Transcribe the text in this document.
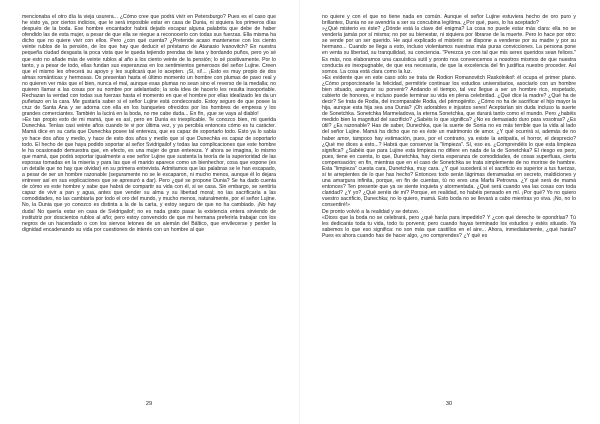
mencionaba el otro día la vieja usurera... ¿Cómo cree que podrá vivir en Petersburgo? Pues es el caso que he visto ya, por ciertos indicios, que le será imposible estar en casa de Dunia, ni siquiera los primeros días después de la boda. Ese hombre encantador habrá dejado escapar alguna palabrita que debe de haber ofendido las de esta mujer, a pesar de que ella se niegue a reconocerlo con todas sus fuerzas. Ella misma ha dicho que no quiere vivir con ellos. Pero ¿con qué cuenta? ¿Pretende acaso mantenerse con los ciento veinte rublos de la pensión, de los que hay que deducir el préstamo de Atanasio Ivanovitch? En nuestra pequeña ciudad desgasta la poca vista que le queda tejiendo prendas de lana y bordando puños, pero yo sé que esto no añade más de veinte rublos al año a los ciento veinte de la pensión; lo sé positivamente. Por lo tanto, y a pesar de todo, ellas fundan sus esperanzas en los sentimientos generosos del señor Lujine. Creen que el mismo les ofrecerá su apoyo y les suplicará que lo acepten. ¡Sí, sí!... ¡Esto es muy propio de dos almas románticas y hermosas. Os presentan hasta el último momento un hombre con plumas de pavo real y no quieren ver más que el bien, nunca el mal, aunque esas plumas no sean sino el reverso de la medalla; no quieren llamar a las cosas por su nombre por adelantado; la sola idea de hacerlo les resulta insoportable. Rechazan la verdad con todas sus fuerzas hasta el momento en que el hombre por ellas idealizado les da un puñetazo en la cara. Me gustaría saber si el señor Lujine está condecorado. Estoy seguro de que posee la cruz de Santa Ana y se adorna con ella en los banquetes ofrecidos por los hombres de empresa y los grandes comerciantes. También la lucirá en la boda, no me cabe duda... En fin, ¡que se vaya al diablo!

»Es tan propio esto de mi mamá, que es así, pero en Dunia es inexplicable. Te conozco bien, mi querida Dunechka. Tenías casi veinte años cuando te vi por última vez, y ya percibía entonces cómo es tu carácter. Mamá dice en su carta que Dunechka posee tal entereza, que es capaz de soportarlo todo. Esto ya lo sabía yo hace dos años y medio, y hace de esto dos años y medio que sí que Dunechka es capaz de soportarlo todo. El hecho de que haya podido soportar al señor Svidrigailof y todas las complicaciones que este hombre le ha ocasionado demuestra que, en efecto, es una mujer de gran entereza. Y ahora se imagina, lo mismo que mamá, que podrá soportar igualmente a ese señor Lujine que sustenta la teoría de la superioridad de las esposas tomadas en la miseria y para las que el marido aparece como un bienhechor, cosa que expone (es un detalle que no hay que olvidar) en su primera entrevista. Admitamos que las palabras se le han escapado, a pesar de ser un hombre razonable (seguramente no se le escaparon, ni mucho menos, aunque él lo dejara entrever así en sus explicaciones que se apresuró a dar). Pero ¿qué se propone Dunia? Se ha dado cuenta de cómo es este hombre y sabe que habrá de compartir su vida con él, si se casa. Sin embargo, se sentiría capaz de vivir a pan y agua, antes que vender su alma y su libertad moral; no las sacrificaría a las comodidades, no las cambiaría por todo el oro del mundo, y mucho menos, naturalmente, por el señor Lujine. No, la Dunia que yo conozco es distinta a la de la carta, y estoy seguro de que no ha cambiado. ¡No hay duda! No quería estar en casa de Svidrigailof; no es nada grato pasar la existencia entera sirviendo de institutriz por doscientos rublos al año; pero estoy convencido de que mi hermana preferiría trabajar con los negros de un hacendado o con los siervos letones de un alemán del Báltico, que envilecerse y perder la dignidad encadenando su vida por cuestiones de interés con un hombre al que

29

no quiere y con el que no tiene nada en común. Aunque el señor Lujine estuviera hecho de oro puro y brillantes, Dunia no se avendría a ser su concubina legítima. ¿Por qué, pues, lo ha aceptado?

»¿Qué misterio es éste? ¿Dónde está la clave del enigma? La cosa no puede estar más clara: ella no se vendería jamás por sí misma; no por su bienestar, ni siquiera por librarse de la muerte. Pero lo hace por otro: se vende por un ser querido. He aquí explicado el misterio: se dispone a venderse por su madre y por su hermano... Cuando se llega a esto, incluso violentamos nuestras más puras convicciones. La persona pone en venta su libertad, su tranquilidad, su conciencia. "Perezca yo con tal que mis seres queridos sean felices." Es más, nos elaboramos una casuística sutil y pronto nos convencemos a nosotros mismos de que nuestra conducta es inexpugnable, de que era necesaria, de que la excelencia del fin justifica nuestro proceder. Así somos. La cosa está clara como la luz.

»Es evidente que en este caso sólo se trata de Rodion Romanovitch Raskolnikof: él ocupa el primer plano. ¿Cómo proporcionarle la felicidad, permitirle continuar los estudios universitarios, asociarlo con un hombre bien situado, asegurar su porvenir? Andando el tiempo, tal vez llegue a ser un hombre rico, respetado, cubierto de honores, e incluso puede terminar su vida en plena celebridad. ¿Qué dice la madre? ¿Qué ha de decir? Se trata de Rodia, del incomparable Rodia, del primogénito. ¿Cómo no ha de sacrificar el hijo mayor la hija, aunque esta hija sea una Dunia? ¡Oh adorables e injustos seres! Aceptarían sin duda incluso la suerte de Sonetchka. Sonetchka Marmeladova, la eterna Sonetchka, que durará tanto como el mundo. Pero ¿habéis medido bien la magnitud del sacrificio? ¿Sabéis lo que significa? ¿No es demasiado duro para vosotras? ¿Es útil? ¿Es razonable? Has de saber, Dunechka, que la suerte de Sonia no es más terrible que la vida al lado del señor Lujine. Mamá ha dicho que no es éste un matrimonio de amor. ¿Y qué ocurrirá si, además de no haber amor, tampoco hay estimación, pues, por el contrario, ya existe la antipatía, el horror, el desprecio? ¿Qué me dices a esto...? Habrá que conservar la "limpieza". Sí, eso es. ¿Comprendéis lo que esta limpieza significa? ¿Sabéis que para Lujine esta limpieza no difiere en nada de la de Sonetchka? El riesgo es peor, pues, tiene en cuenta, lo que, Dunetchka, hay cierta esperanza de comodidades, de cosas superfluas, cierta compensación; en fin, mientras que en el caso de Sonetchka se trata simplemente de no morirse de hambre. Esta "limpieza" cuesta cara, Dunetchka, muy cara. ¿Y qué sucederá si el sacrificio es superior a tus fuerzas, si te arrepientes de lo que has hecho? Entonces todo serán lágrimas derramadas en secreto, maldiciones y una amargura infinita, porque, en fin de cuentas, tú no eres una Marfa Petrovna. ¿Y qué será de mamá entonces? Ten presente que ya se siente inquieta y atormentada. ¿Qué será cuando vea las cosas con toda claridad? ¿Y yo? ¿Qué seréis de mí? Porque, en realidad, no habéis pensado en mí. ¡Por qué? Yo no quiero vuestro sacrificio, Dunechka; no lo quiero, mamá. Esto boda no se llevará a cabo mientras yo viva. ¡No, no lo consentiré!»

De pronto volvió a la realidad y se detuvo.

«Dices que la boda no se celebrará, pero ¿qué harás para impedirlo? Y ¿con qué derecho te opondrías? Tú les dedicarás toda tu vida, todo tu porvenir, pero cuando hayas terminado los estudios y estés situado. Ya sabemos lo que eso significa: no son más que castillos en el aire... Ahora, inmediatamente, ¿qué harás? Pues es ahora cuando has de hacer algo, ¿no comprendes? ¿Y qué es

30
